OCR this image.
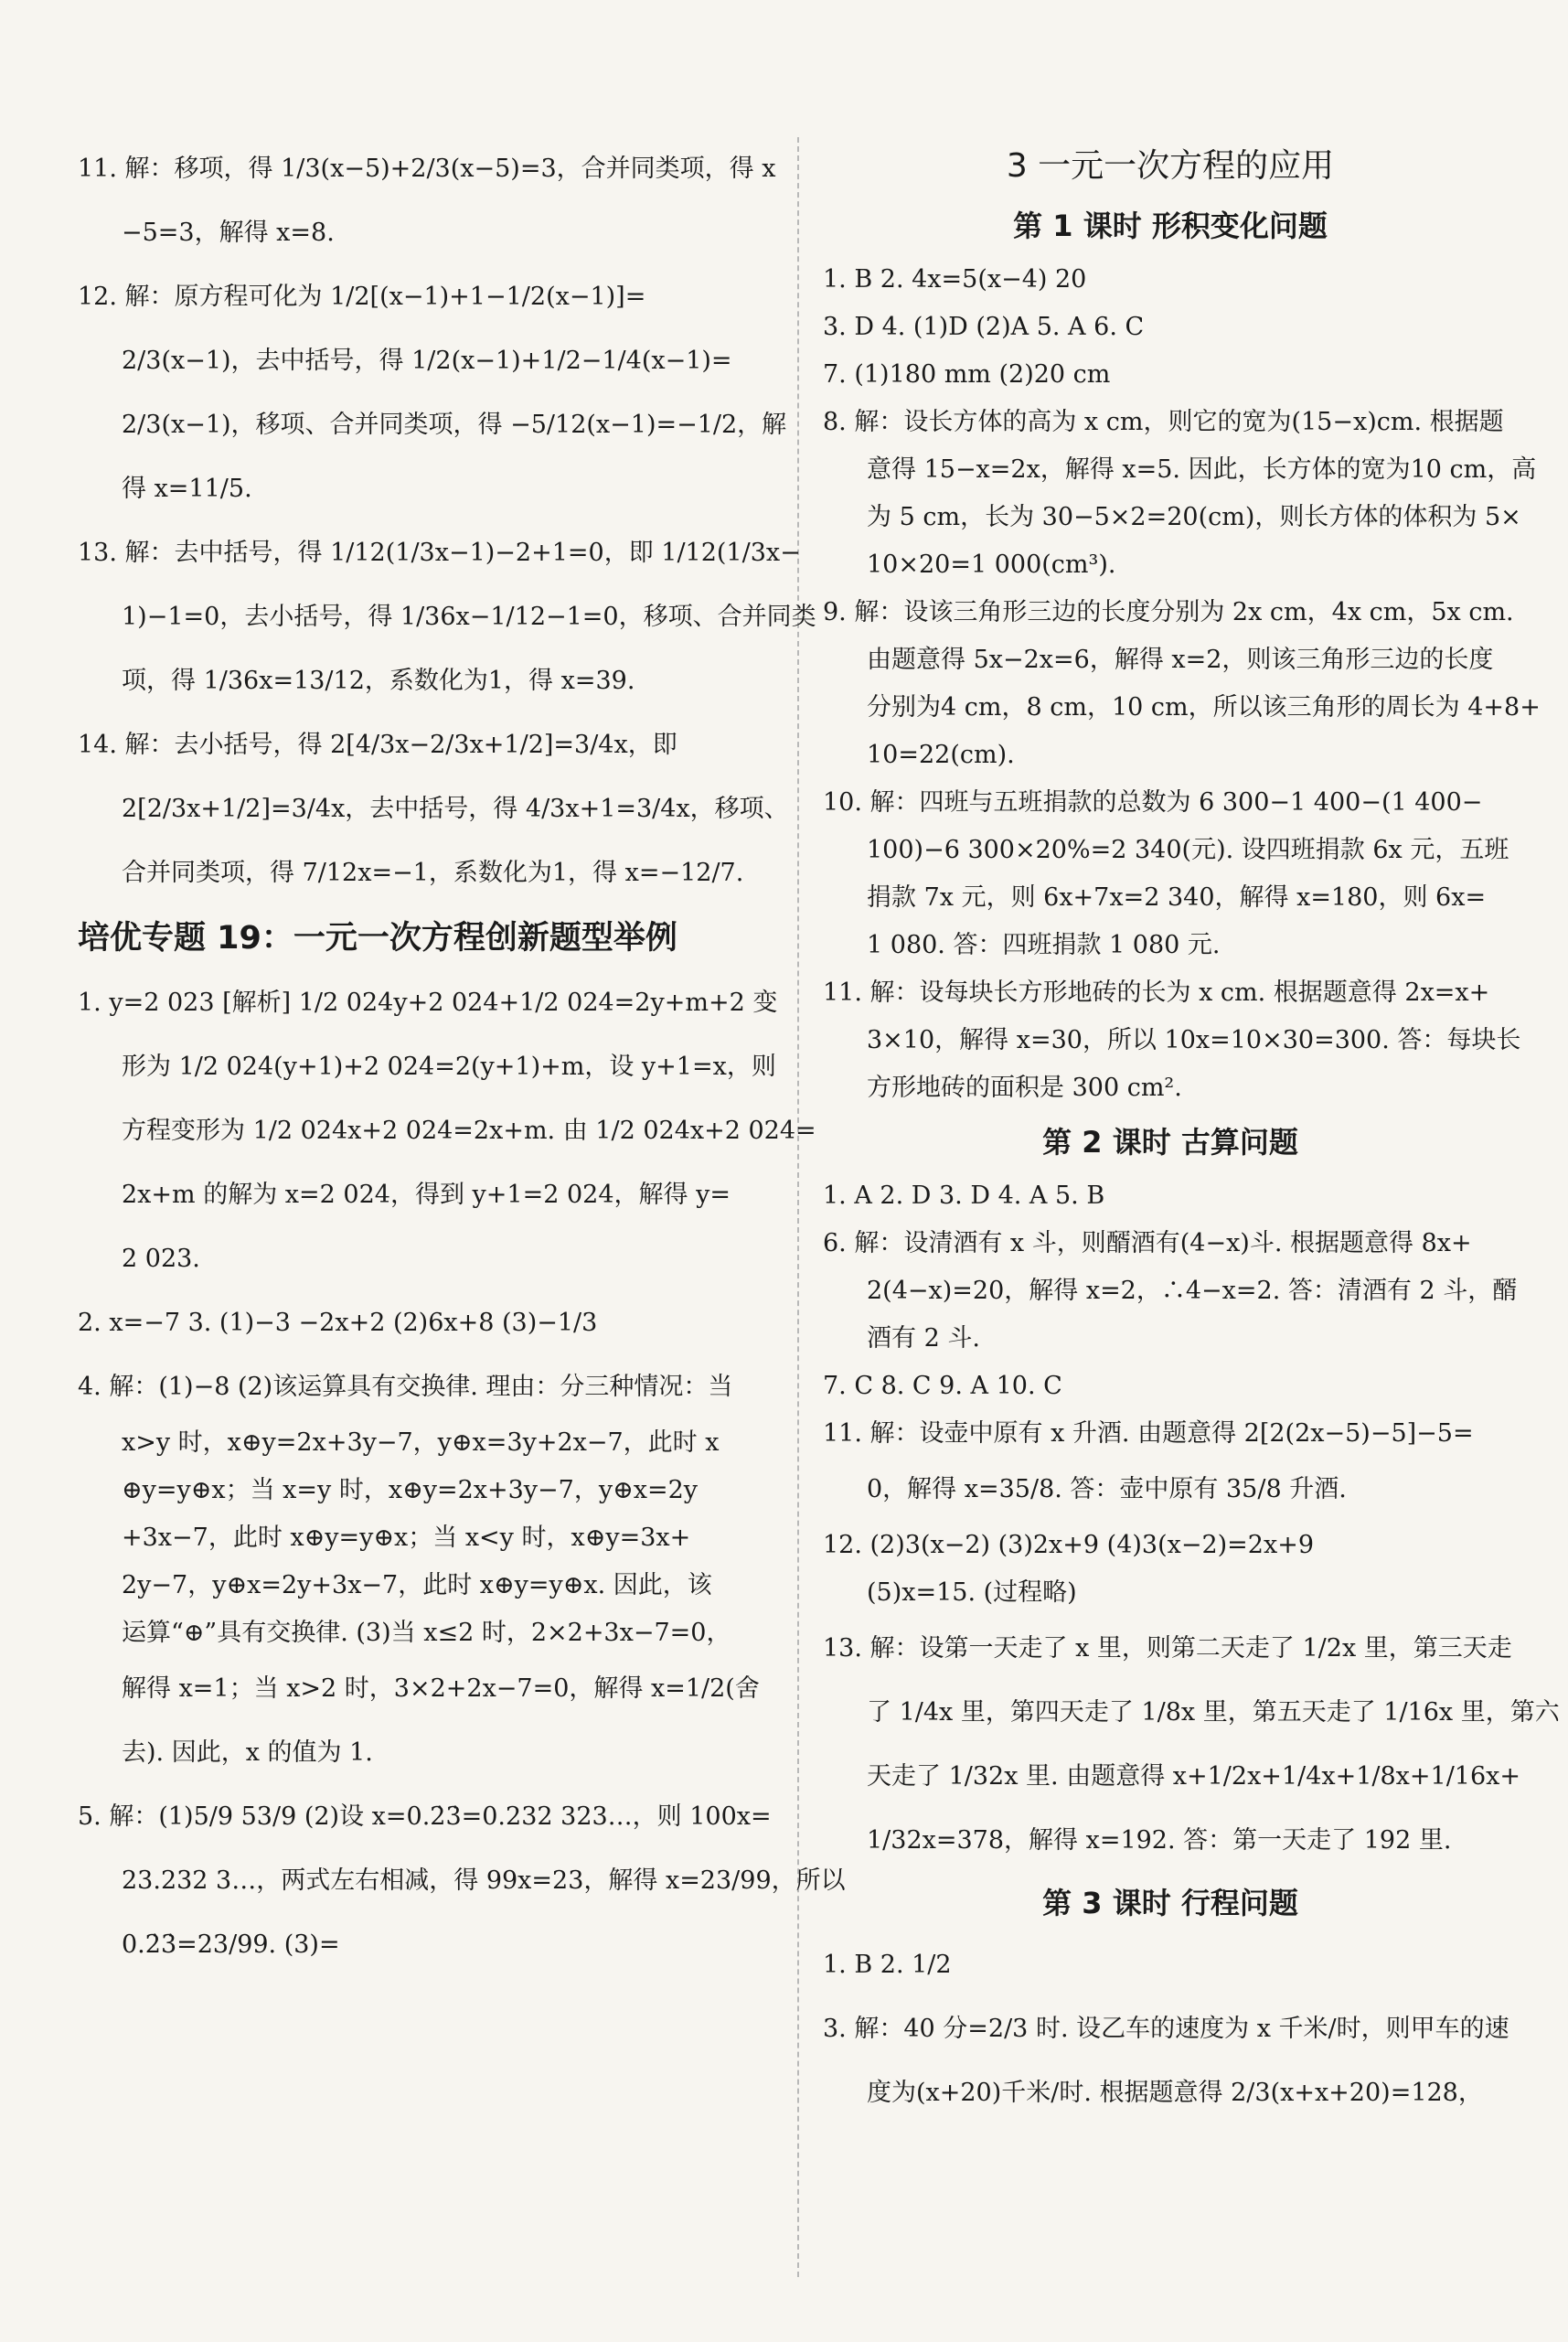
11. 解：移项，得 1/3(x−5)+2/3(x−5)=3，合并同类项，得 x
−5=3，解得 x=8.
12. 解：原方程可化为 1/2[(x−1)+1−1/2(x−1)]=
2/3(x−1)，去中括号，得 1/2(x−1)+1/2−1/4(x−1)=
2/3(x−1)，移项、合并同类项，得 −5/12(x−1)=−1/2，解
得 x=11/5.
13. 解：去中括号，得 1/12(1/3x−1)−2+1=0，即 1/12(1/3x−
1)−1=0，去小括号，得 1/36x−1/12−1=0，移项、合并同类
项，得 1/36x=13/12，系数化为1，得 x=39.
14. 解：去小括号，得 2[4/3x−2/3x+1/2]=3/4x，即
2[2/3x+1/2]=3/4x，去中括号，得 4/3x+1=3/4x，移项、
合并同类项，得 7/12x=−1，系数化为1，得 x=−12/7.
培优专题 19：一元一次方程创新题型举例
1. y=2 023 [解析] 1/2 024y+2 024+1/2 024=2y+m+2 变
形为 1/2 024(y+1)+2 024=2(y+1)+m，设 y+1=x，则
方程变形为 1/2 024x+2 024=2x+m. 由 1/2 024x+2 024=
2x+m 的解为 x=2 024，得到 y+1=2 024，解得 y=
2 023.
2. x=−7 3. (1)−3 −2x+2 (2)6x+8 (3)−1/3
4. 解：(1)−8 (2)该运算具有交换律. 理由：分三种情况：当
x>y 时，x⊕y=2x+3y−7，y⊕x=3y+2x−7，此时 x
⊕y=y⊕x；当 x=y 时，x⊕y=2x+3y−7，y⊕x=2y
+3x−7，此时 x⊕y=y⊕x；当 x<y 时，x⊕y=3x+
2y−7，y⊕x=2y+3x−7，此时 x⊕y=y⊕x. 因此，该
运算“⊕”具有交换律. (3)当 x≤2 时，2×2+3x−7=0，
解得 x=1；当 x>2 时，3×2+2x−7=0，解得 x=1/2(舍
去). 因此，x 的值为 1.
5. 解：(1)5/9 53/9 (2)设 x=0.2̇3̇=0.232 323…，则 100x=
23.232 3…，两式左右相减，得 99x=23，解得 x=23/99，所以
0.2̇3̇=23/99. (3)=
3 一元一次方程的应用
第 1 课时 形积变化问题
1. B 2. 4x=5(x−4) 20
3. D 4. (1)D (2)A 5. A 6. C
7. (1)180 mm (2)20 cm
8. 解：设长方体的高为 x cm，则它的宽为(15−x)cm. 根据题
意得 15−x=2x，解得 x=5. 因此，长方体的宽为10 cm，高
为 5 cm，长为 30−5×2=20(cm)，则长方体的体积为 5×
10×20=1 000(cm³).
9. 解：设该三角形三边的长度分别为 2x cm，4x cm，5x cm.
由题意得 5x−2x=6，解得 x=2，则该三角形三边的长度
分别为4 cm，8 cm，10 cm，所以该三角形的周长为 4+8+
10=22(cm).
10. 解：四班与五班捐款的总数为 6 300−1 400−(1 400−
100)−6 300×20%=2 340(元). 设四班捐款 6x 元，五班
捐款 7x 元，则 6x+7x=2 340，解得 x=180，则 6x=
1 080. 答：四班捐款 1 080 元.
11. 解：设每块长方形地砖的长为 x cm. 根据题意得 2x=x+
3×10，解得 x=30，所以 10x=10×30=300. 答：每块长
方形地砖的面积是 300 cm².
第 2 课时 古算问题
1. A 2. D 3. D 4. A 5. B
6. 解：设清酒有 x 斗，则醑酒有(4−x)斗. 根据题意得 8x+
2(4−x)=20，解得 x=2，∴4−x=2. 答：清酒有 2 斗，醑
酒有 2 斗.
7. C 8. C 9. A 10. C
11. 解：设壶中原有 x 升酒. 由题意得 2[2(2x−5)−5]−5=
0，解得 x=35/8. 答：壶中原有 35/8 升酒.
12. (2)3(x−2) (3)2x+9 (4)3(x−2)=2x+9
(5)x=15. (过程略)
13. 解：设第一天走了 x 里，则第二天走了 1/2x 里，第三天走
了 1/4x 里，第四天走了 1/8x 里，第五天走了 1/16x 里，第六
天走了 1/32x 里. 由题意得 x+1/2x+1/4x+1/8x+1/16x+
1/32x=378，解得 x=192. 答：第一天走了 192 里.
第 3 课时 行程问题
1. B 2. 1/2
3. 解：40 分=2/3 时. 设乙车的速度为 x 千米/时，则甲车的速
度为(x+20)千米/时. 根据题意得 2/3(x+x+20)=128，
